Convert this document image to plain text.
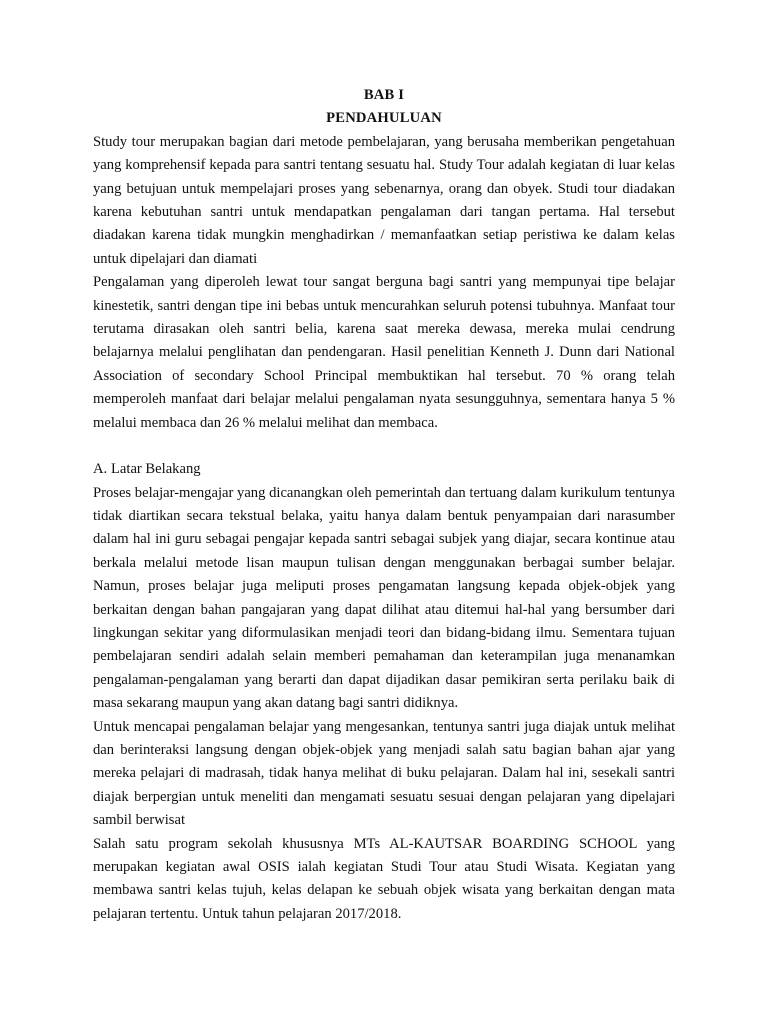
BAB I

PENDAHULUAN

Study tour merupakan bagian dari metode pembelajaran, yang berusaha memberikan pengetahuan yang komprehensif kepada para santri tentang sesuatu hal. Study Tour adalah kegiatan di luar kelas yang betujuan untuk mempelajari proses yang sebenarnya, orang dan obyek. Studi tour diadakan karena kebutuhan santri untuk mendapatkan pengalaman dari tangan pertama. Hal tersebut diadakan karena tidak mungkin menghadirkan / memanfaatkan setiap peristiwa ke dalam kelas untuk dipelajari dan diamati

Pengalaman yang diperoleh lewat tour sangat berguna bagi santri yang mempunyai tipe belajar kinestetik, santri dengan tipe ini bebas untuk mencurahkan seluruh potensi tubuhnya. Manfaat tour terutama dirasakan oleh santri belia, karena saat mereka dewasa, mereka mulai cendrung belajarnya melalui penglihatan dan pendengaran. Hasil penelitian Kenneth J. Dunn dari National Association of secondary School Principal membuktikan hal tersebut. 70 % orang telah memperoleh manfaat dari belajar melalui pengalaman nyata sesungguhnya, sementara hanya 5 % melalui membaca dan 26 % melalui melihat dan membaca.

A. Latar Belakang

Proses belajar-mengajar yang dicanangkan oleh pemerintah dan tertuang dalam kurikulum tentunya tidak diartikan secara tekstual belaka, yaitu hanya dalam bentuk penyampaian dari narasumber dalam hal ini guru sebagai pengajar kepada santri sebagai subjek yang diajar, secara kontinue atau berkala melalui metode lisan maupun tulisan dengan menggunakan berbagai sumber belajar. Namun, proses belajar juga meliputi proses pengamatan langsung kepada objek-objek yang berkaitan dengan bahan pangajaran yang dapat dilihat atau ditemui hal-hal yang bersumber dari lingkungan sekitar yang diformulasikan menjadi teori dan bidang-bidang ilmu. Sementara tujuan pembelajaran sendiri adalah selain memberi pemahaman dan keterampilan juga menanamkan pengalaman-pengalaman yang berarti dan dapat dijadikan dasar pemikiran serta perilaku baik di masa sekarang maupun yang akan datang bagi santri didiknya.

Untuk mencapai pengalaman belajar yang mengesankan, tentunya santri juga diajak untuk melihat dan berinteraksi langsung dengan objek-objek yang menjadi salah satu bagian bahan ajar yang mereka pelajari di madrasah, tidak hanya melihat di buku pelajaran. Dalam hal ini, sesekali santri diajak berpergian untuk meneliti dan mengamati sesuatu sesuai dengan pelajaran yang dipelajari sambil berwisat

Salah satu program sekolah khususnya MTs AL-KAUTSAR BOARDING SCHOOL yang merupakan kegiatan awal OSIS ialah kegiatan Studi Tour atau Studi Wisata. Kegiatan yang membawa santri kelas tujuh, kelas delapan ke sebuah objek wisata yang berkaitan dengan mata pelajaran tertentu. Untuk tahun pelajaran 2017/2018.
